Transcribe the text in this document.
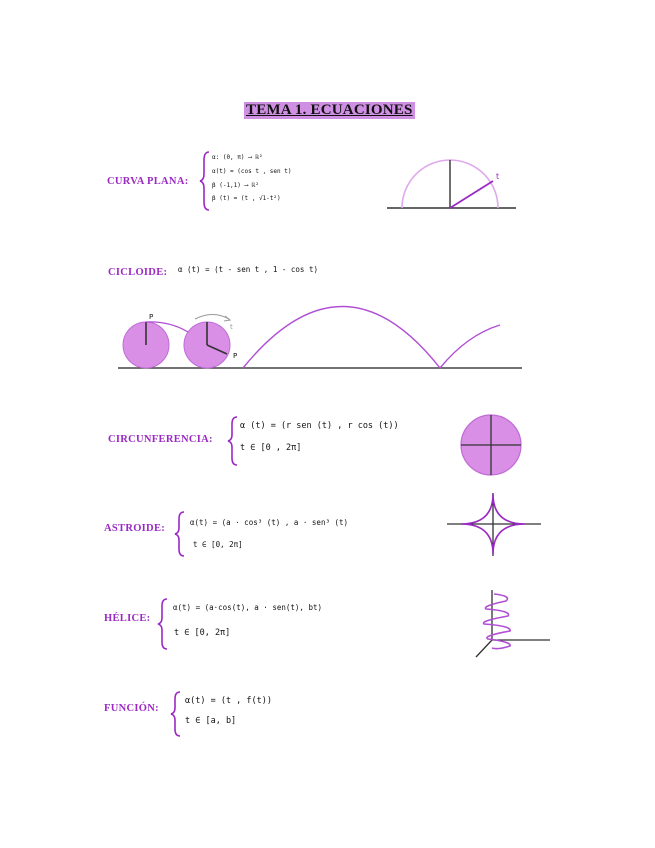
TEMA 1. ECUACIONES
CURVA PLANA:
α: (0, π) ⟶ ℝ²
α(t) = (cos t , sen t)
β (-1,1) ⟶ ℝ²
β (t) = (t , √1-t²)
t
CICLOIDE: α (t) = (t - sen t , 1 - cos t)
P
P
t
CIRCUNFERENCIA:
α (t) = (r sen (t) , r cos (t))
t ∈ [0 , 2π]
ASTROIDE:
α(t) = (a · cos³ (t) , a · sen³ (t)
t ∈ [0, 2π]
HÉLICE:
α(t) = (a·cos(t), a · sen(t), bt)
t ∈ [0, 2π]
FUNCIÓN:
α(t) = (t , f(t))
t ∈ [a, b]
